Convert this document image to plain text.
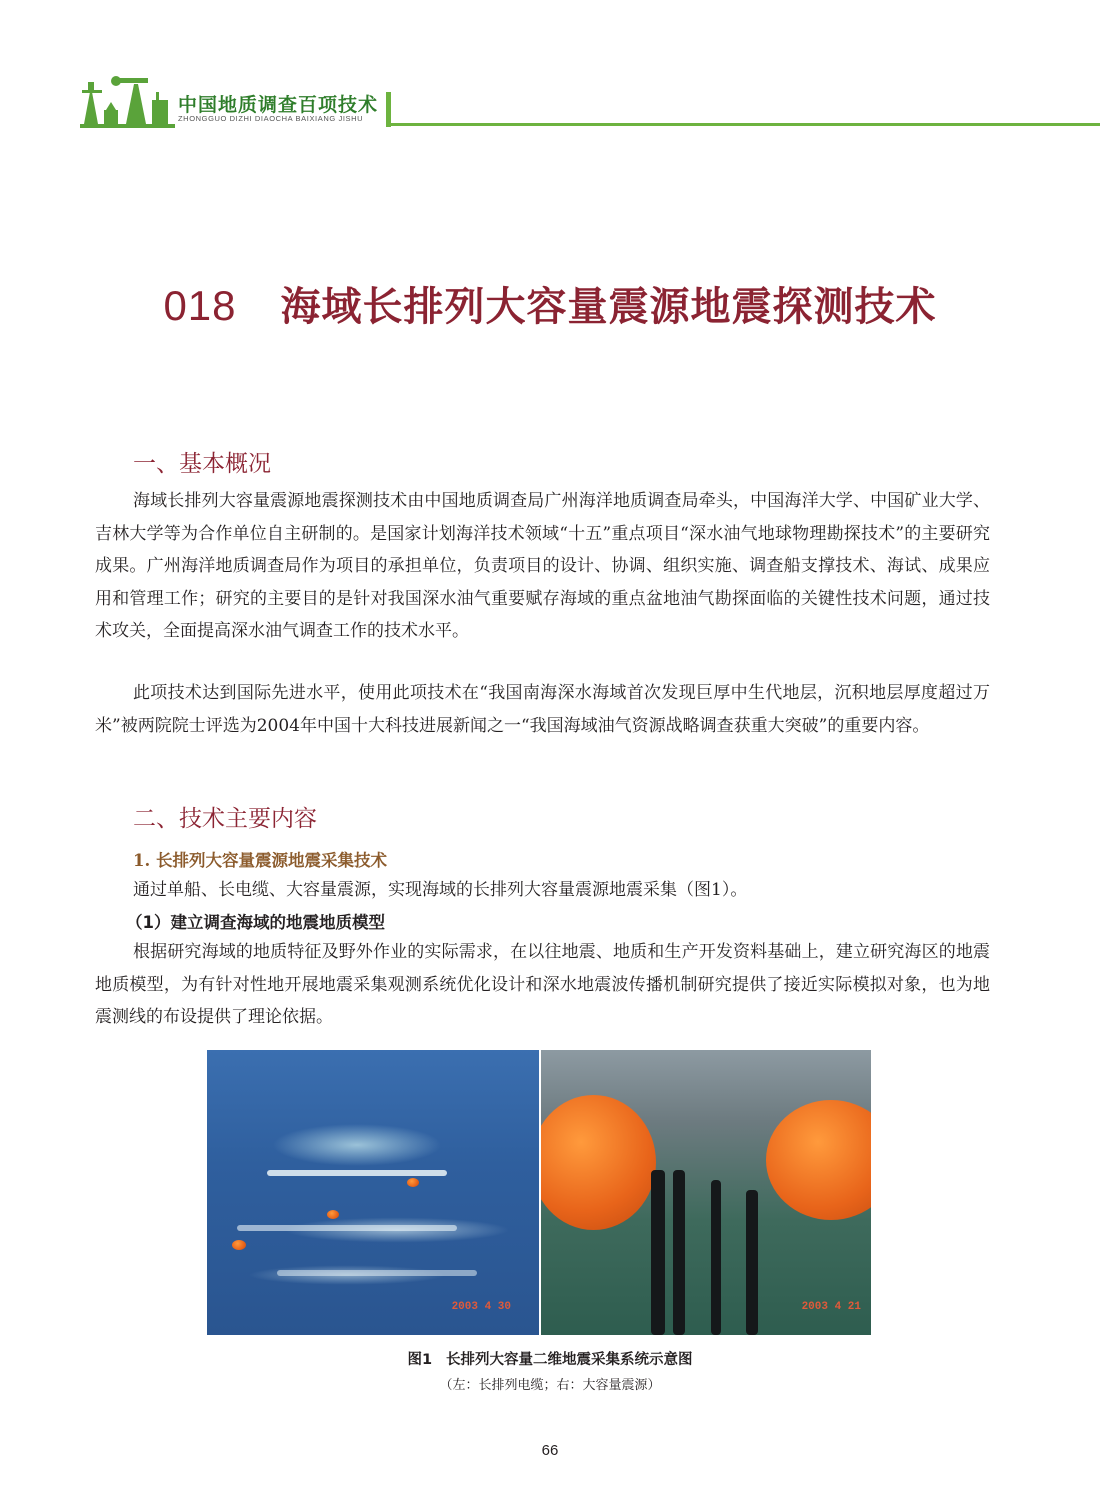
中国地质调查百项技术
ZHONGGUO DIZHI DIAOCHA BAIXIANG JISHU
018 海域长排列大容量震源地震探测技术
一、基本概况

海域长排列大容量震源地震探测技术由中国地质调查局广州海洋地质调查局牵头，中国海洋大学、中国矿业大学、吉林大学等为合作单位自主研制的。是国家计划海洋技术领域“十五”重点项目“深水油气地球物理勘探技术”的主要研究成果。广州海洋地质调查局作为项目的承担单位，负责项目的设计、协调、组织实施、调查船支撑技术、海试、成果应用和管理工作；研究的主要目的是针对我国深水油气重要赋存海域的重点盆地油气勘探面临的关键性技术问题，通过技术攻关，全面提高深水油气调查工作的技术水平。

此项技术达到国际先进水平，使用此项技术在“我国南海深水海域首次发现巨厚中生代地层，沉积地层厚度超过万米”被两院院士评选为2004年中国十大科技进展新闻之一“我国海域油气资源战略调查获重大突破”的重要内容。

二、技术主要内容

1. 长排列大容量震源地震采集技术

通过单船、长电缆、大容量震源，实现海域的长排列大容量震源地震采集（图1）。

（1）建立调查海域的地震地质模型

根据研究海域的地质特征及野外作业的实际需求，在以往地震、地质和生产开发资料基础上，建立研究海区的地震地质模型，为有针对性地开展地震采集观测系统优化设计和深水地震波传播机制研究提供了接近实际模拟对象，也为地震测线的布设提供了理论依据。

2003 4 30	2003 4 21
图1 长排列大容量二维地震采集系统示意图
（左：长排列电缆；右：大容量震源）
66
